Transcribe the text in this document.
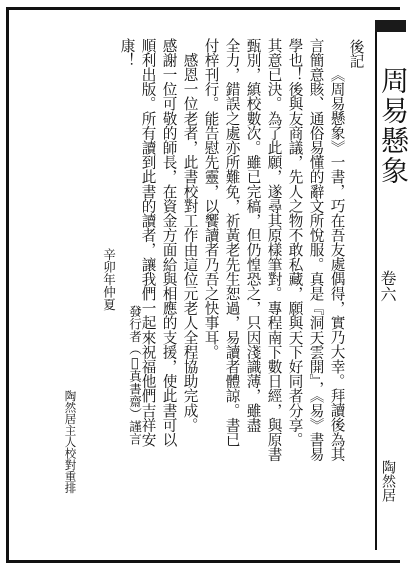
後記
《周易懸象》一書，巧在吾友處偶得，實乃大幸。拜讀後為其
言簡意賅、通俗易懂的辭文所悅服。真是『洞天雲開』，《易》書易
學也！後與友商議，先人之物不敢私藏，願與天下好同者分享。
其意已決。為了此願，遂尋其原樣筆對。專程南下數日經，與原書
甄別，縝校數次。雖已完稿，但仍惶恐之，只因淺識薄，雖盡
全力，錯誤之處亦所難免，祈黃老先生恕過，易讀者體諒。書已
付梓刊行。能告慰先靈，以饗讀者乃吾之快事耳。
　感恩一位老者，此書校對工作由這位元老人全程協助完成。
感謝一位可敬的師長，在資金方面給與相應的支援，使此書可以
順利出版。所有讀到此書的讀者，讓我們一起來祝福他們吉祥安
康！
發行者（𨌾真書齋）謹言
辛卯年仲夏
陶然居主人校對重排
周易懸象
卷六
陶然居
